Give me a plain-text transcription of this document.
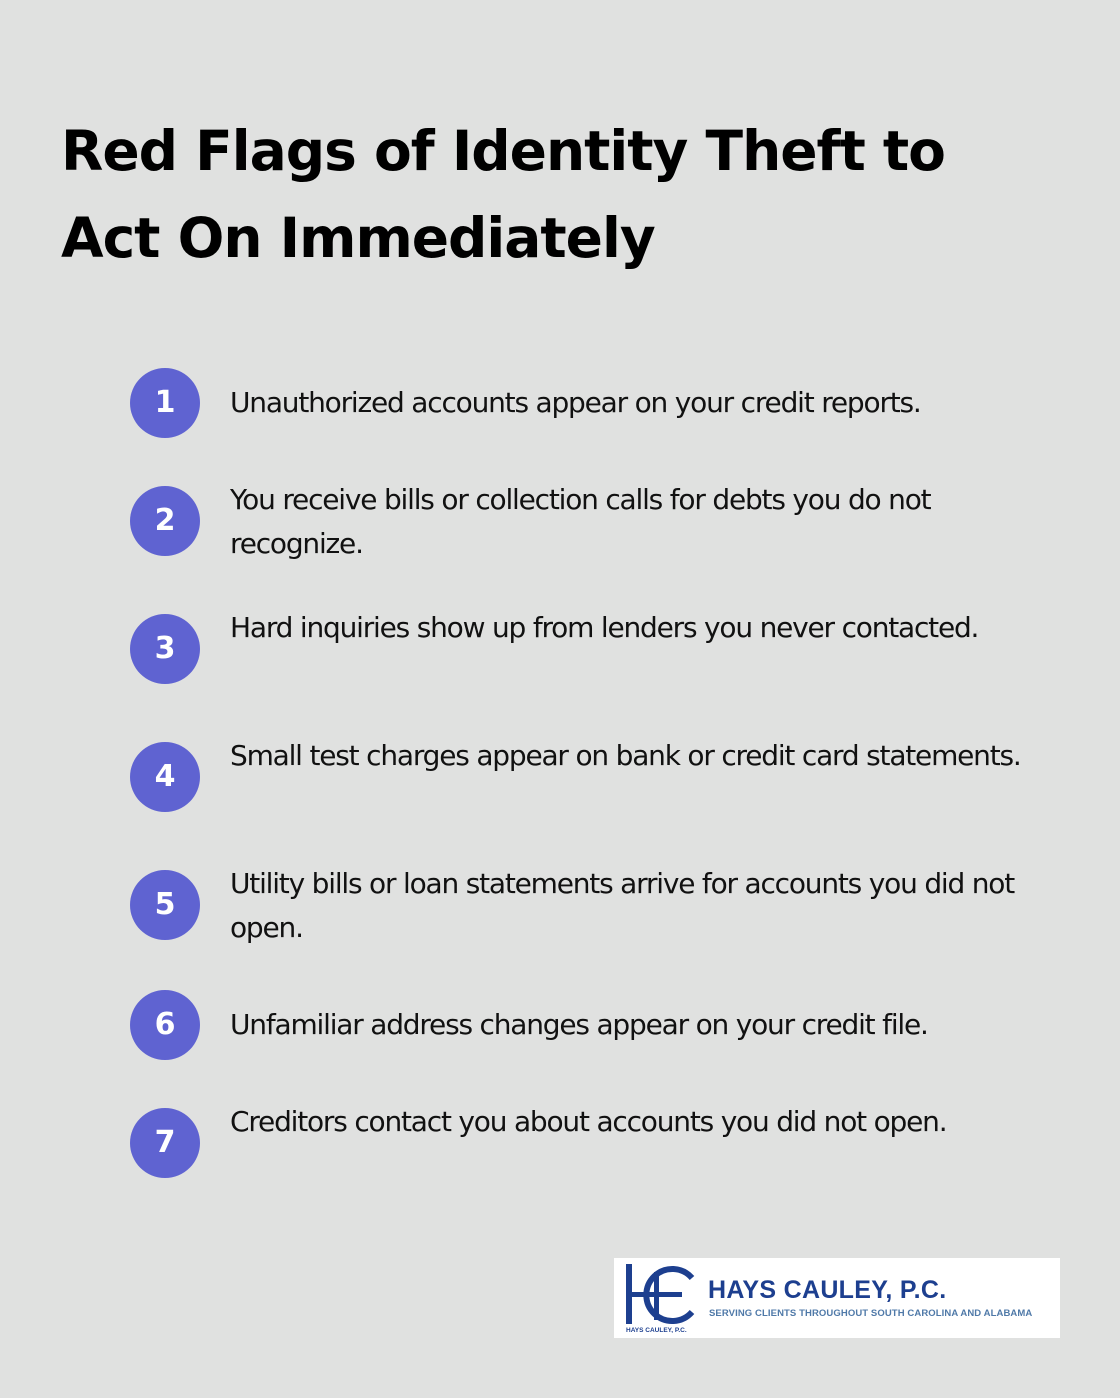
Red Flags of Identity Theft to
Act On Immediately
1	Unauthorized accounts appear on your credit reports.
2
You receive bills or collection calls for debts you do not recognize.
3
Hard inquiries show up from lenders you never contacted.
4
Small test charges appear on bank or credit card statements.
5
Utility bills or loan statements arrive for accounts you did not open.
6	Unfamiliar address changes appear on your credit file.
7
Creditors contact you about accounts you did not open.
HAYS CAULEY, P.C.
SERVING CLIENTS THROUGHOUT SOUTH CAROLINA AND ALABAMA
HAYS CAULEY, P.C.
